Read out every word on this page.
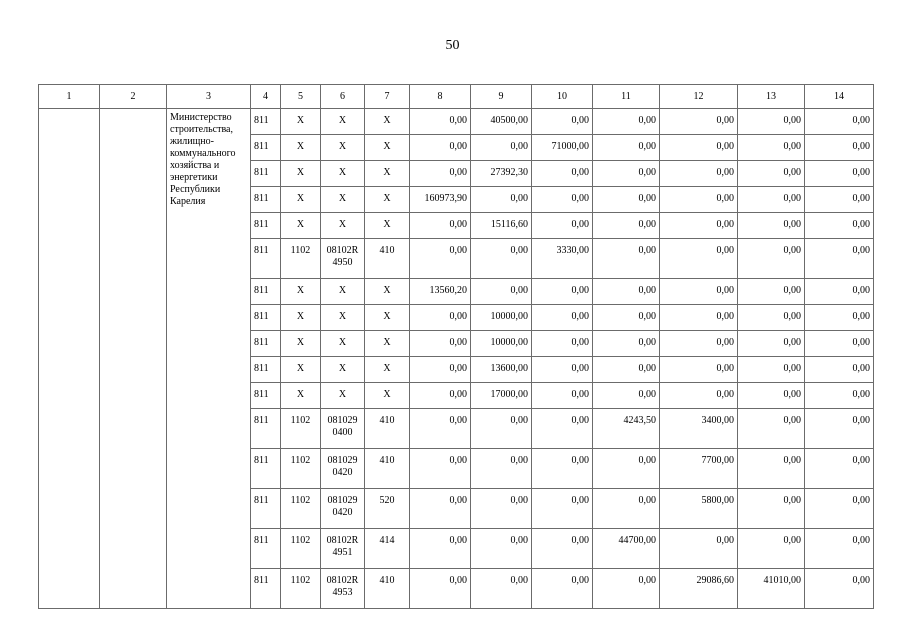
50
1	2	3	4	5	6	7	8	9	10	11	12	13	14
		Министерство строительства, жилищно-коммунального хозяйства и энергетики Республики Карелия	811	X	X	X	0,00	40500,00	0,00	0,00	0,00	0,00	0,00
			811	X	X	X	0,00	0,00	71000,00	0,00	0,00	0,00	0,00
			811	X	X	X	0,00	27392,30	0,00	0,00	0,00	0,00	0,00
			811	X	X	X	160973,90	0,00	0,00	0,00	0,00	0,00	0,00
			811	X	X	X	0,00	15116,60	0,00	0,00	0,00	0,00	0,00
			811	1102	08102R 4950	410	0,00	0,00	3330,00	0,00	0,00	0,00	0,00
			811	X	X	X	13560,20	0,00	0,00	0,00	0,00	0,00	0,00
			811	X	X	X	0,00	10000,00	0,00	0,00	0,00	0,00	0,00
			811	X	X	X	0,00	10000,00	0,00	0,00	0,00	0,00	0,00
			811	X	X	X	0,00	13600,00	0,00	0,00	0,00	0,00	0,00
			811	X	X	X	0,00	17000,00	0,00	0,00	0,00	0,00	0,00
			811	1102	081029 0400	410	0,00	0,00	0,00	4243,50	3400,00	0,00	0,00
			811	1102	081029 0420	410	0,00	0,00	0,00	0,00	7700,00	0,00	0,00
			811	1102	081029 0420	520	0,00	0,00	0,00	0,00	5800,00	0,00	0,00
			811	1102	08102R 4951	414	0,00	0,00	0,00	44700,00	0,00	0,00	0,00
			811	1102	08102R 4953	410	0,00	0,00	0,00	0,00	29086,60	41010,00	0,00
